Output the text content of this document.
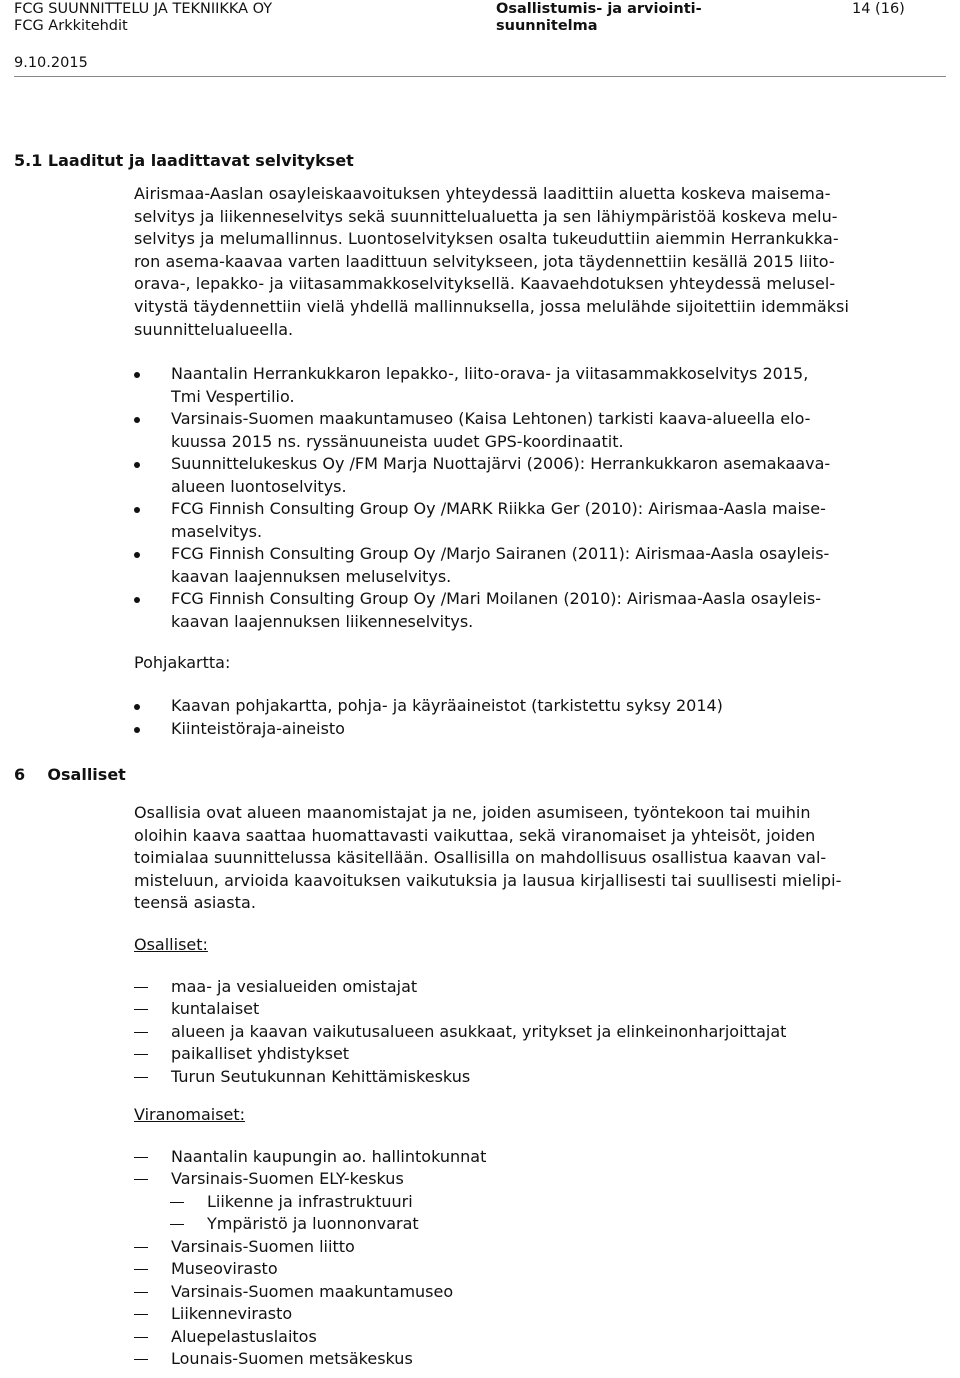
FCG SUUNNITTELU JA TEKNIIKKA OY
FCG Arkkitehdit
Osallistumis- ja arviointi-
suunnitelma
14 (16)
9.10.2015
5.1 Laaditut ja laadittavat selvitykset
Airismaa-Aaslan osayleiskaavoituksen yhteydessä laadittiin aluetta koskeva maisema-
selvitys ja liikenneselvitys sekä suunnittelualuetta ja sen lähiympäristöä koskeva melu-
selvitys ja melumallinnus. Luontoselvityksen osalta tukeuduttiin aiemmin Herrankukka-
ron asema-kaavaa varten laadittuun selvitykseen, jota täydennettiin kesällä 2015 liito-
orava-, lepakko- ja viitasammakkoselvityksellä. Kaavaehdotuksen yhteydessä melusel-
vitystä täydennettiin vielä yhdellä mallinnuksella, jossa melulähde sijoitettiin idemmäksi
suunnittelualueella.
Naantalin Herrankukkaron lepakko-, liito-orava- ja viitasammakkoselvitys 2015,
Tmi Vespertilio.
Varsinais-Suomen maakuntamuseo (Kaisa Lehtonen) tarkisti kaava-alueella elo-
kuussa 2015 ns. ryssänuuneista uudet GPS-koordinaatit.
Suunnittelukeskus Oy /FM Marja Nuottajärvi (2006): Herrankukkaron asemakaava-
alueen luontoselvitys.
FCG Finnish Consulting Group Oy /MARK Riikka Ger (2010): Airismaa-Aasla maise-
maselvitys.
FCG Finnish Consulting Group Oy /Marjo Sairanen (2011): Airismaa-Aasla osayleis-
kaavan laajennuksen meluselvitys.
FCG Finnish Consulting Group Oy /Mari Moilanen (2010): Airismaa-Aasla osayleis-
kaavan laajennuksen liikenneselvitys.
Pohjakartta:
Kaavan pohjakartta, pohja- ja käyräaineistot (tarkistettu syksy 2014)
Kiinteistöraja-aineisto
6    Osalliset
Osallisia ovat alueen maanomistajat ja ne, joiden asumiseen, työntekoon tai muihin
oloihin kaava saattaa huomattavasti vaikuttaa, sekä viranomaiset ja yhteisöt, joiden
toimialaa suunnittelussa käsitellään. Osallisilla on mahdollisuus osallistua kaavan val-
misteluun, arvioida kaavoituksen vaikutuksia ja lausua kirjallisesti tai suullisesti mielipi-
teensä asiasta.
Osalliset:
maa- ja vesialueiden omistajat
kuntalaiset
alueen ja kaavan vaikutusalueen asukkaat, yritykset ja elinkeinonharjoittajat
paikalliset yhdistykset
Turun Seutukunnan Kehittämiskeskus
Viranomaiset:
Naantalin kaupungin ao. hallintokunnat
Varsinais-Suomen ELY-keskus
Liikenne ja infrastruktuuri
Ympäristö ja luonnonvarat
Varsinais-Suomen liitto
Museovirasto
Varsinais-Suomen maakuntamuseo
Liikennevirasto
Aluepelastuslaitos
Lounais-Suomen metsäkeskus
